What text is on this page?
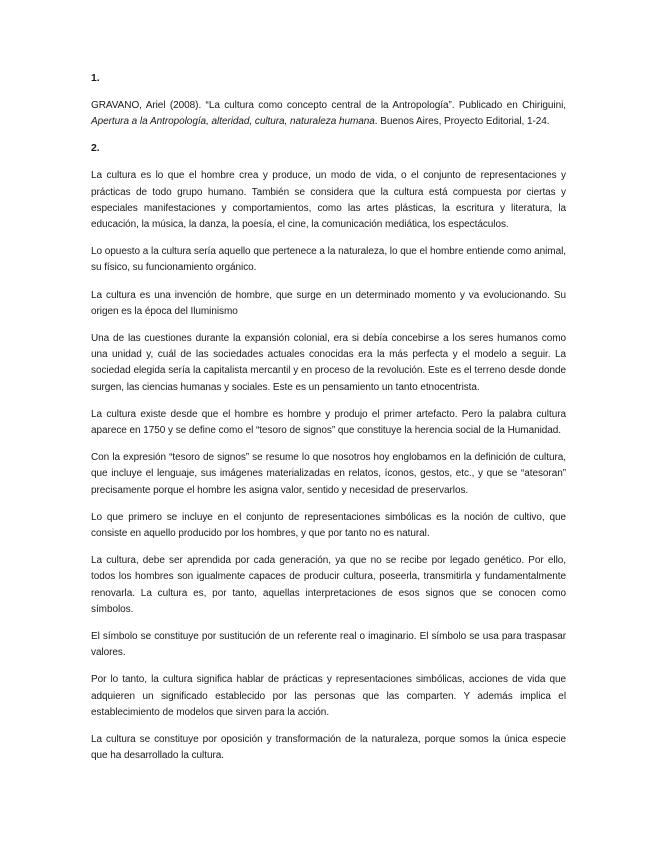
1.

GRAVANO, Ariel (2008). “La cultura como concepto central de la Antropología”. Publicado en Chiriguini, Apertura a la Antropología, alteridad, cultura, naturaleza humana. Buenos Aires, Proyecto Editorial, 1-24.

2.

La cultura es lo que el hombre crea y produce, un modo de vida, o el conjunto de representaciones y prácticas de todo grupo humano. También se considera que la cultura está compuesta por ciertas y especiales manifestaciones y comportamientos, como las artes plásticas, la escritura y literatura, la educación, la música, la danza, la poesía, el cine, la comunicación mediática, los espectáculos.

Lo opuesto a la cultura sería aquello que pertenece a la naturaleza, lo que el hombre entiende como animal, su físico, su funcionamiento orgánico.

La cultura es una invención de hombre, que surge en un determinado momento y va evolucionando. Su origen es la época del Iluminismo

Una de las cuestiones durante la expansión colonial, era si debía concebirse a los seres humanos como una unidad y, cuál de las sociedades actuales conocidas era la más perfecta y el modelo a seguir. La sociedad elegida sería la capitalista mercantil y en proceso de la revolución. Este es el terreno desde donde surgen, las ciencias humanas y sociales. Este es un pensamiento un tanto etnocentrista.

La cultura existe desde que el hombre es hombre y produjo el primer artefacto. Pero la palabra cultura aparece en 1750 y se define como el “tesoro de signos” que constituye la herencia social de la Humanidad.

Con la expresión “tesoro de signos” se resume lo que nosotros hoy englobamos en la definición de cultura, que incluye el lenguaje, sus imágenes materializadas en relatos, íconos, gestos, etc., y que se “atesoran” precisamente porque el hombre les asigna valor, sentido y necesidad de preservarlos.

Lo que primero se incluye en el conjunto de representaciones simbólicas es la noción de cultivo, que consiste en aquello producido por los hombres, y que por tanto no es natural.

La cultura, debe ser aprendida por cada generación, ya que no se recibe por legado genético. Por ello, todos los hombres son igualmente capaces de producir cultura, poseerla, transmitirla y fundamentalmente renovarla. La cultura es, por tanto, aquellas interpretaciones de esos signos que se conocen como símbolos.

El símbolo se constituye por sustitución de un referente real o imaginario. El símbolo se usa para traspasar valores.

Por lo tanto, la cultura significa hablar de prácticas y representaciones simbólicas, acciones de vida que adquieren un significado establecido por las personas que las comparten. Y además implica el establecimiento de modelos que sirven para la acción.

La cultura se constituye por oposición y transformación de la naturaleza, porque somos la única especie que ha desarrollado la cultura.
